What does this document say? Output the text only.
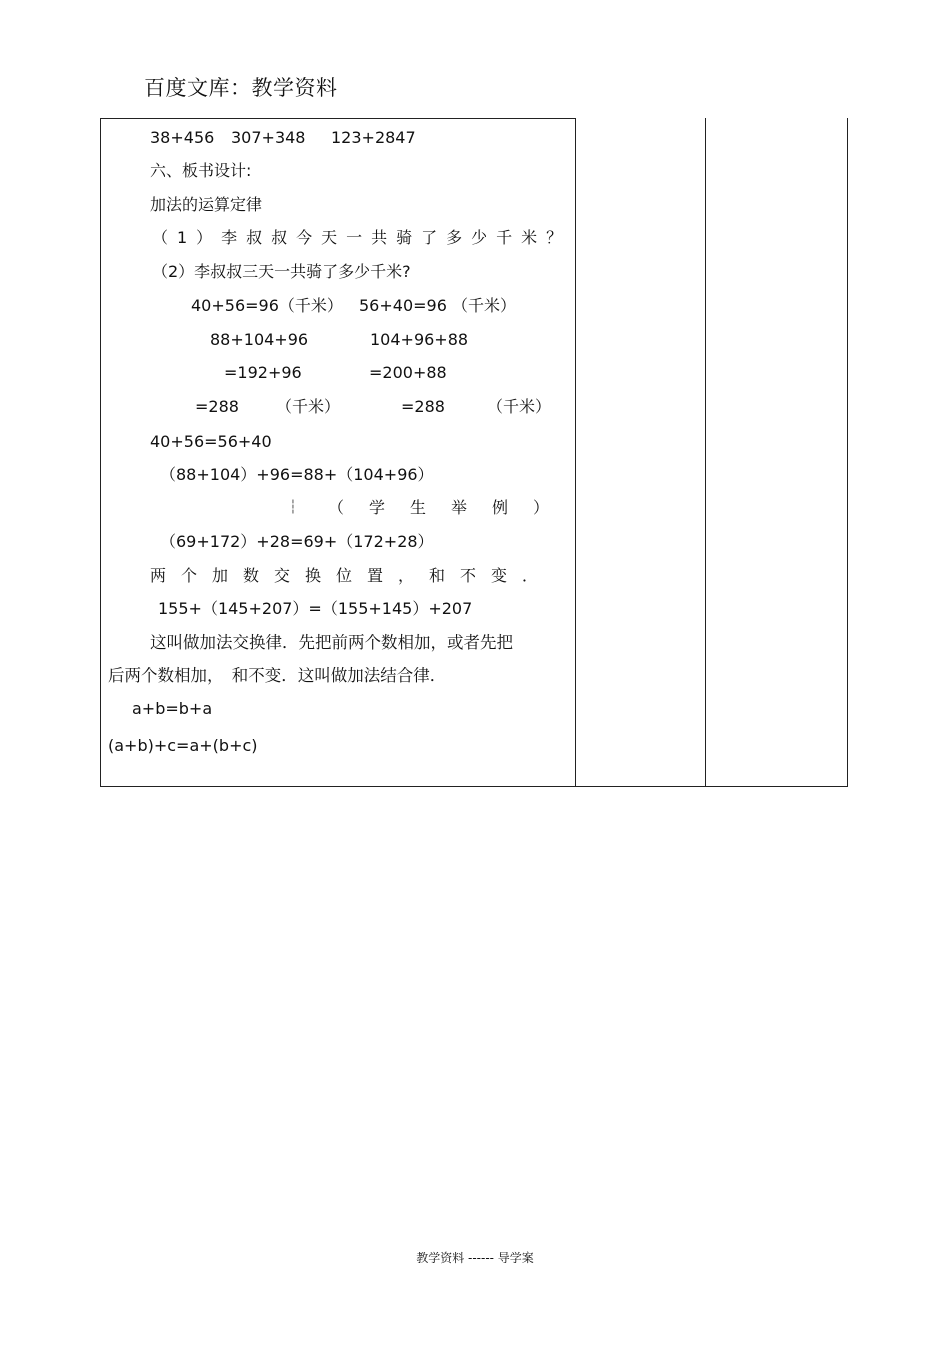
百度文库：教学资料
38+456 307+348 123+2847
六、板书设计:
加法的运算定律
（1）李叔叔今天一共骑了多少千米？
（2）李叔叔三天一共骑了多少千米?
40+56=96（千米） 56+40=96 （千米）
88+104+96	104+96+88
=192+96	=200+88
=288 （千米）	=288	（千米）
40+56=56+40
（88+104）+96=88+（104+96）
┆ （学生举例）
（69+172）+28=69+（172+28）
两个加数交换位置，和不变．
155+（145+207）=（155+145）+207
这叫做加法交换律．先把前两个数相加，或者先把
后两个数相加，　和不变．这叫做加法结合律．
a+b=b+a
(a+b)+c=a+(b+c)
教学资料 ------ 导学案
